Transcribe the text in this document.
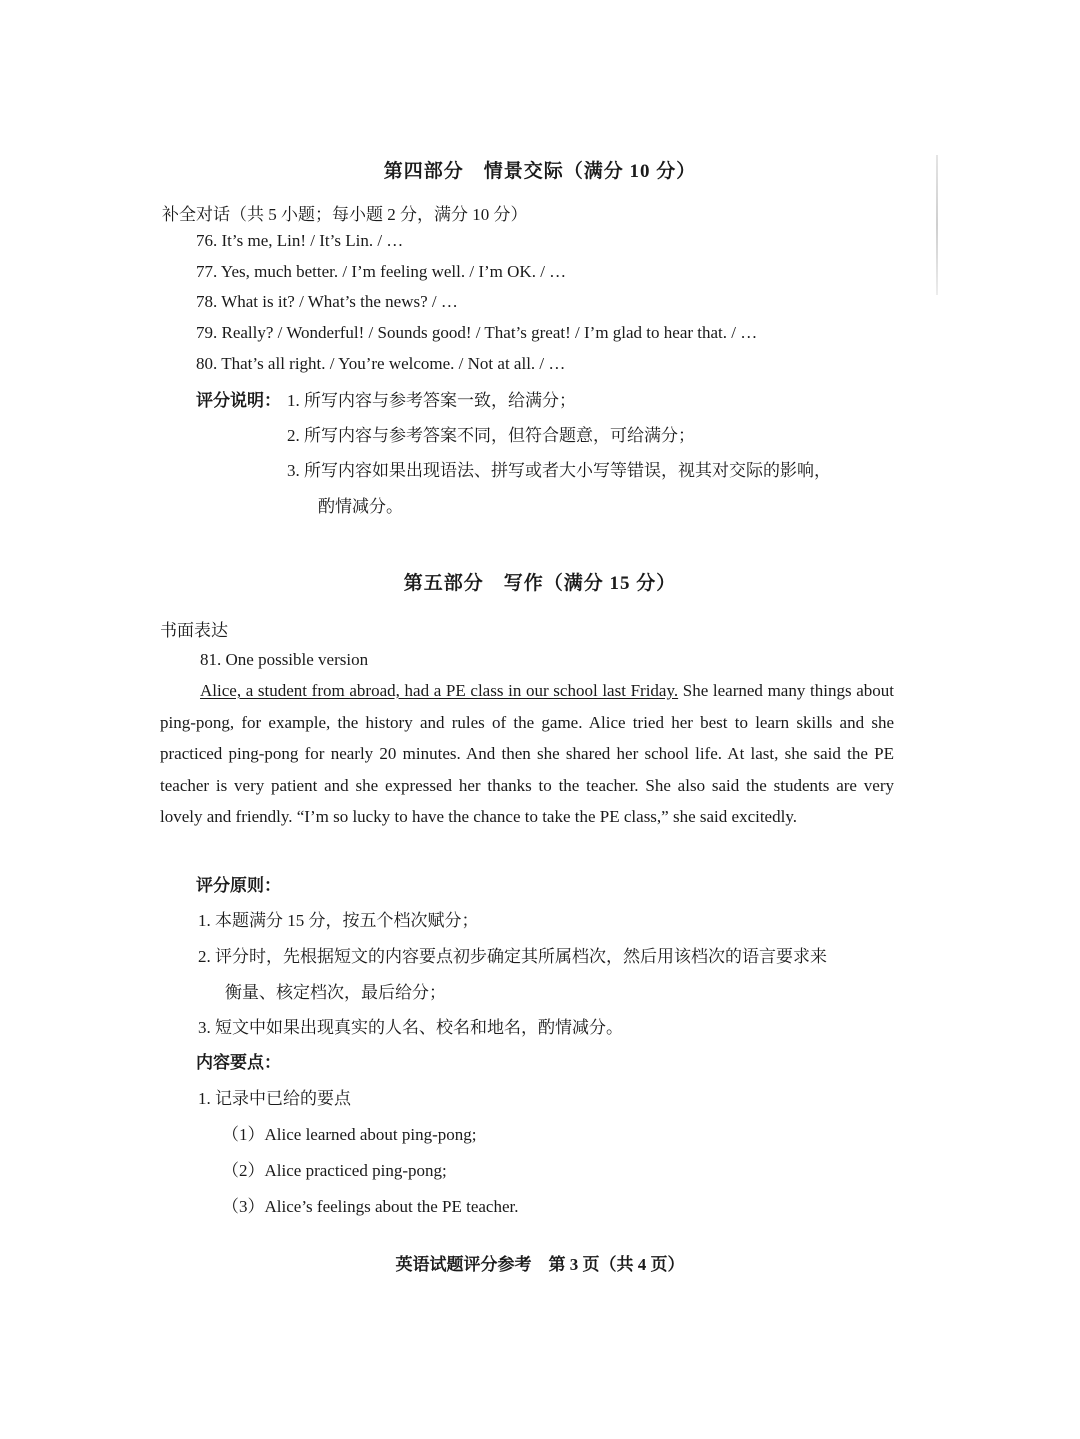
第四部分　情景交际（满分 10 分）
补全对话（共 5 小题；每小题 2 分，满分 10 分）
76. It’s me, Lin! / It’s Lin. / …
77. Yes, much better. / I’m feeling well. / I’m OK. / …
78. What is it? / What’s the news? / …
79. Really? / Wonderful! / Sounds good! / That’s great! / I’m glad to hear that. / …
80. That’s all right. / You’re welcome. / Not at all. / …
评分说明： 1. 所写内容与参考答案一致，给满分；
2. 所写内容与参考答案不同，但符合题意，可给满分；
3. 所写内容如果出现语法、拼写或者大小写等错误，视其对交际的影响，
酌情减分。
第五部分　写作（满分 15 分）
书面表达
81. One possible version
Alice, a student from abroad, had a PE class in our school last Friday. She learned many things about ping-pong, for example, the history and rules of the game. Alice tried her best to learn skills and she practiced ping-pong for nearly 20 minutes. And then she shared her school life. At last, she said the PE teacher is very patient and she expressed her thanks to the teacher. She also said the students are very lovely and friendly. “I’m so lucky to have the chance to take the PE class,” she said excitedly.
评分原则：
1. 本题满分 15 分，按五个档次赋分；
2. 评分时，先根据短文的内容要点初步确定其所属档次，然后用该档次的语言要求来
衡量、核定档次，最后给分；
3. 短文中如果出现真实的人名、校名和地名，酌情减分。
内容要点：
1. 记录中已给的要点
（1）Alice learned about ping-pong;
（2）Alice practiced ping-pong;
（3）Alice’s feelings about the PE teacher.
英语试题评分参考　第 3 页（共 4 页）
